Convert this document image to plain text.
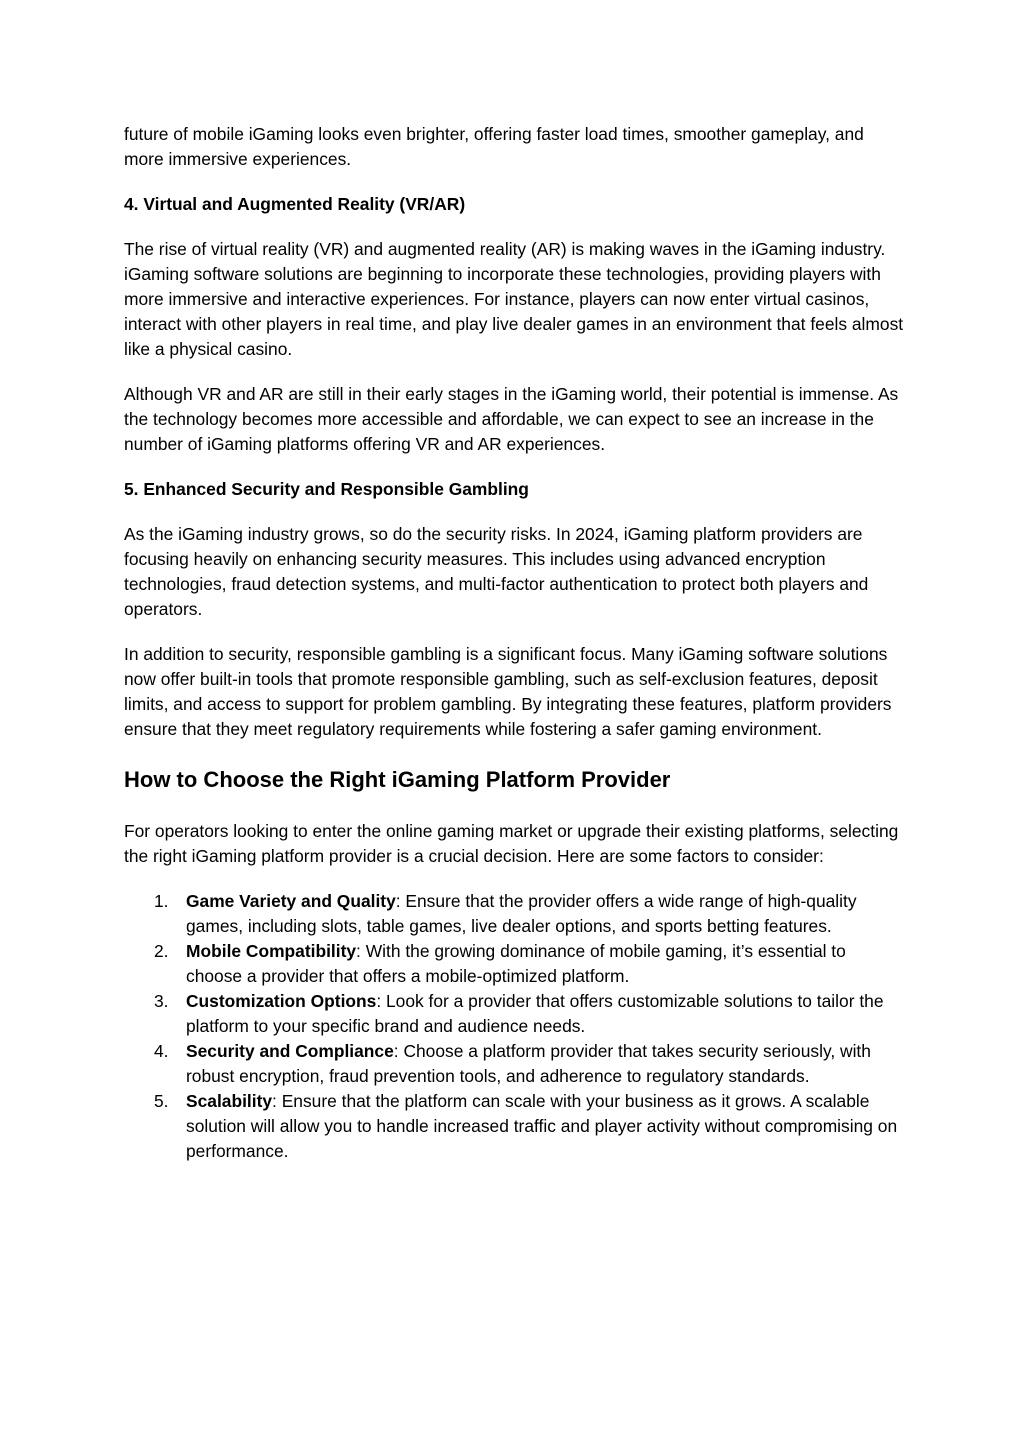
future of mobile iGaming looks even brighter, offering faster load times, smoother gameplay, and more immersive experiences.

4. Virtual and Augmented Reality (VR/AR)

The rise of virtual reality (VR) and augmented reality (AR) is making waves in the iGaming industry. iGaming software solutions are beginning to incorporate these technologies, providing players with more immersive and interactive experiences. For instance, players can now enter virtual casinos, interact with other players in real time, and play live dealer games in an environment that feels almost like a physical casino.

Although VR and AR are still in their early stages in the iGaming world, their potential is immense. As the technology becomes more accessible and affordable, we can expect to see an increase in the number of iGaming platforms offering VR and AR experiences.

5. Enhanced Security and Responsible Gambling

As the iGaming industry grows, so do the security risks. In 2024, iGaming platform providers are focusing heavily on enhancing security measures. This includes using advanced encryption technologies, fraud detection systems, and multi-factor authentication to protect both players and operators.

In addition to security, responsible gambling is a significant focus. Many iGaming software solutions now offer built-in tools that promote responsible gambling, such as self-exclusion features, deposit limits, and access to support for problem gambling. By integrating these features, platform providers ensure that they meet regulatory requirements while fostering a safer gaming environment.

How to Choose the Right iGaming Platform Provider

For operators looking to enter the online gaming market or upgrade their existing platforms, selecting the right iGaming platform provider is a crucial decision. Here are some factors to consider:

1. Game Variety and Quality: Ensure that the provider offers a wide range of high-quality games, including slots, table games, live dealer options, and sports betting features.
2. Mobile Compatibility: With the growing dominance of mobile gaming, it’s essential to choose a provider that offers a mobile-optimized platform.
3. Customization Options: Look for a provider that offers customizable solutions to tailor the platform to your specific brand and audience needs.
4. Security and Compliance: Choose a platform provider that takes security seriously, with robust encryption, fraud prevention tools, and adherence to regulatory standards.
5. Scalability: Ensure that the platform can scale with your business as it grows. A scalable solution will allow you to handle increased traffic and player activity without compromising on performance.
